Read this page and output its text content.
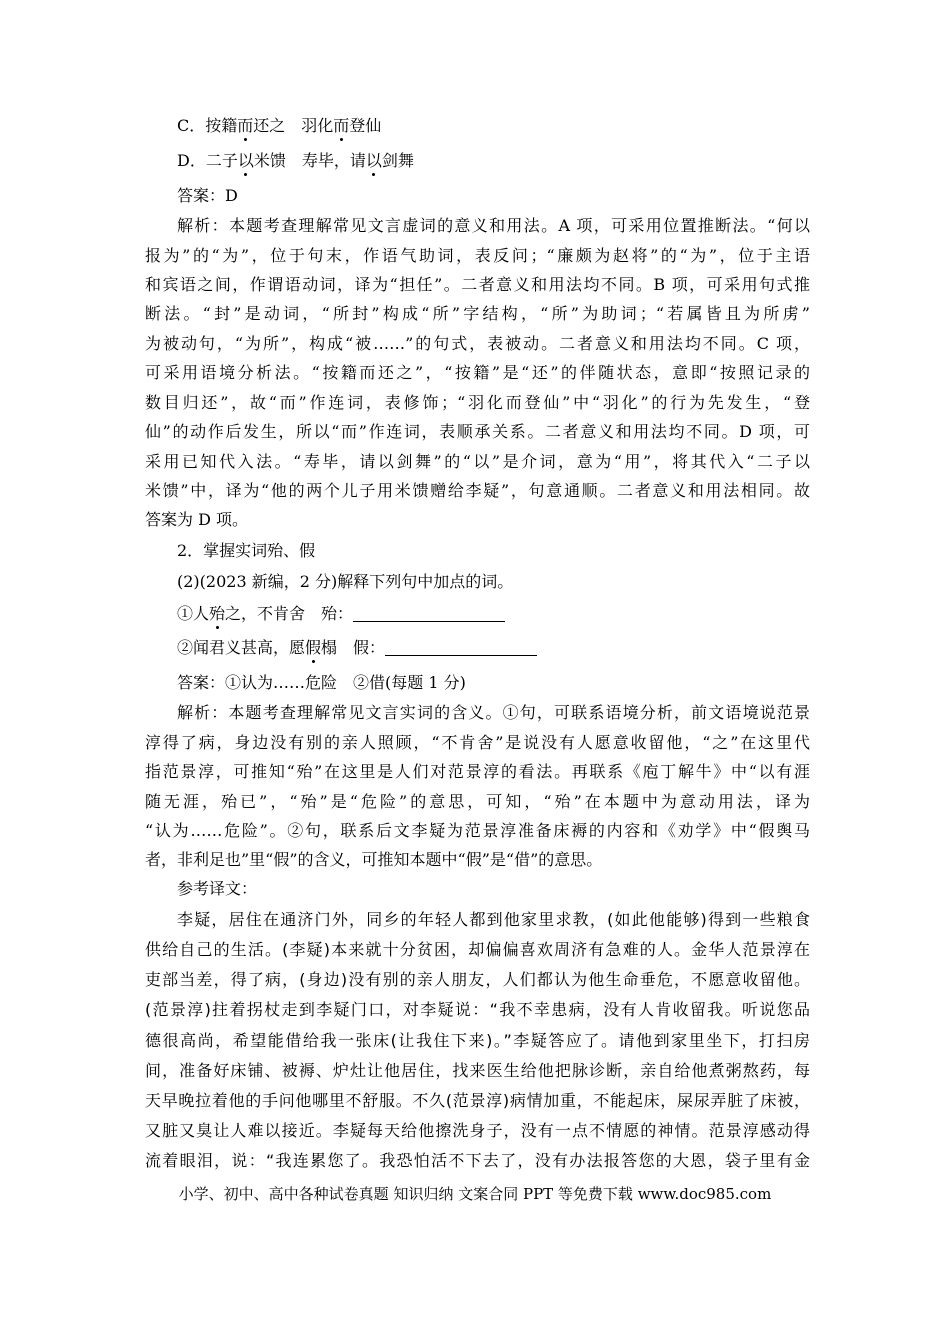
C．按籍而还之　羽化而登仙
D．二子以米馈　寿毕，请以剑舞
答案：D
解析：本题考查理解常见文言虚词的意义和用法。A 项，可采用位置推断法。“何以
报为”的“为”，位于句末，作语气助词，表反问；“廉颇为赵将”的“为”，位于主语
和宾语之间，作谓语动词，译为“担任”。二者意义和用法均不同。B 项，可采用句式推
断法。“封”是动词，“所封”构成“所”字结构，“所”为助词；“若属皆且为所虏”
为被动句，“为所”，构成“被……”的句式，表被动。二者意义和用法均不同。C 项，
可采用语境分析法。“按籍而还之”，“按籍”是“还”的伴随状态，意即“按照记录的
数目归还”，故“而”作连词，表修饰；“羽化而登仙”中“羽化”的行为先发生，“登
仙”的动作后发生，所以“而”作连词，表顺承关系。二者意义和用法均不同。D 项，可
采用已知代入法。“寿毕，请以剑舞”的“以”是介词，意为“用”，将其代入“二子以
米馈”中，译为“他的两个儿子用米馈赠给李疑”，句意通顺。二者意义和用法相同。故
答案为 D 项。
2．掌握实词殆、假
(2)(2023 新编，2 分)解释下列句中加点的词。
①人殆之，不肯舍　殆：
②闻君义甚高，愿假榻　假：
答案：①认为……危险　②借(每题 1 分)
解析：本题考查理解常见文言实词的含义。①句，可联系语境分析，前文语境说范景
淳得了病，身边没有别的亲人照顾，“不肯舍”是说没有人愿意收留他，“之”在这里代
指范景淳，可推知“殆”在这里是人们对范景淳的看法。再联系《庖丁解牛》中“以有涯
随无涯，殆已”，“殆”是“危险”的意思，可知，“殆”在本题中为意动用法，译为
“认为……危险”。②句，联系后文李疑为范景淳准备床褥的内容和《劝学》中“假舆马
者，非利足也”里“假”的含义，可推知本题中“假”是“借”的意思。
参考译文：
李疑，居住在通济门外，同乡的年轻人都到他家里求教，(如此他能够)得到一些粮食
供给自己的生活。(李疑)本来就十分贫困，却偏偏喜欢周济有急难的人。金华人范景淳在
吏部当差，得了病，(身边)没有别的亲人朋友，人们都认为他生命垂危，不愿意收留他。
(范景淳)拄着拐杖走到李疑门口，对李疑说：“我不幸患病，没有人肯收留我。听说您品
德很高尚，希望能借给我一张床(让我住下来)。”李疑答应了。请他到家里坐下，打扫房
间，准备好床铺、被褥、炉灶让他居住，找来医生给他把脉诊断，亲自给他煮粥熬药，每
天早晚拉着他的手问他哪里不舒服。不久(范景淳)病情加重，不能起床，屎尿弄脏了床被，
又脏又臭让人难以接近。李疑每天给他擦洗身子，没有一点不情愿的神情。范景淳感动得
流着眼泪，说：“我连累您了。我恐怕活不下去了，没有办法报答您的大恩，袋子里有金
小学、初中、高中各种试卷真题 知识归纳 文案合同 PPT 等免费下载 www.doc985.com
